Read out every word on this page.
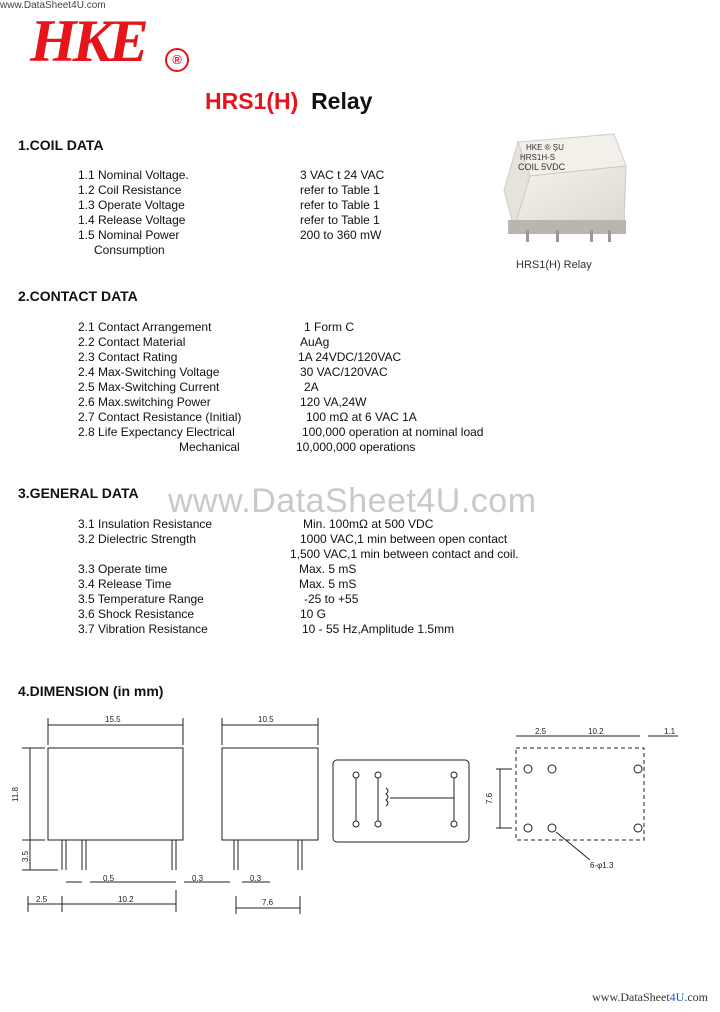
www.DataSheet4U.com
HKE	®
HRS1(H) Relay
HKE ® ŞU
HRS1H-S
COIL 5VDC
HRS1(H) Relay
1.COIL DATA
1.1 Nominal Voltage.	3 VAC t 24 VAC
1.2 Coil Resistance	refer to Table 1
1.3 Operate Voltage	refer to Table 1
1.4 Release Voltage	refer to Table 1
1.5 Nominal Power	200 to 360 mW
Consumption
2.CONTACT DATA
2.1 Contact Arrangement	1 Form C
2.2 Contact Material	AuAg
2.3 Contact Rating	1A 24VDC/120VAC
2.4 Max-Switching Voltage	30 VAC/120VAC
2.5 Max-Switching Current	2A
2.6 Max.switching Power	120 VA,24W
2.7 Contact Resistance (Initial)	100 mΩ at 6 VAC 1A
2.8 Life Expectancy Electrical	100,000 operation at nominal load
Mechanical	10,000,000 operations
www.DataSheet4U.com
3.GENERAL DATA
3.1 Insulation Resistance	Min. 100mΩ at 500 VDC
3.2 Dielectric Strength	1000 VAC,1 min between open contact
1,500 VAC,1 min between contact and coil.
3.3 Operate time	Max. 5 mS
3.4 Release Time	Max. 5 mS
3.5 Temperature Range	-25 to +55
3.6 Shock Resistance	10 G
3.7 Vibration Resistance	10 - 55 Hz,Amplitude 1.5mm
4.DIMENSION (in mm)
15.5
11.8
3.5
0.5
2.5	10.2
10.5
0.3	0.3
7.6
2.5	10.2	1.1
7.6
6-φ1.3
www.DataSheet4U.com
